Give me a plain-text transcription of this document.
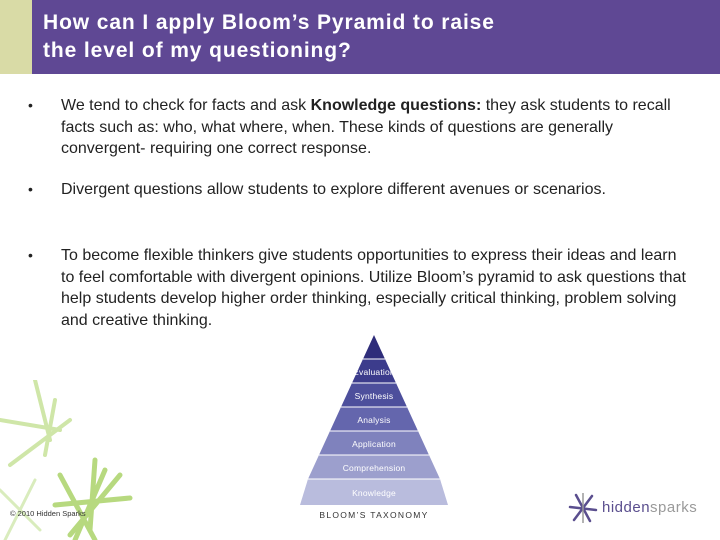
How can I apply Bloom’s Pyramid to raise
the level of my questioning?
•	We tend to check for facts and ask Knowledge questions: they ask students to recall facts such as: who, what where, when. These kinds of questions are generally convergent- requiring one correct response.
•	Divergent questions allow students to explore different avenues or scenarios.
•	To become flexible thinkers give students opportunities to express their ideas and learn to feel comfortable with divergent opinions. Utilize Bloom’s pyramid to ask questions that help students develop higher order thinking, especially critical thinking, problem solving and creative thinking.
Evaluation
Synthesis
Analysis
Application
Comprehension
Knowledge
BLOOM’S TAXONOMY
© 2010 Hidden Sparks	hiddensparks
